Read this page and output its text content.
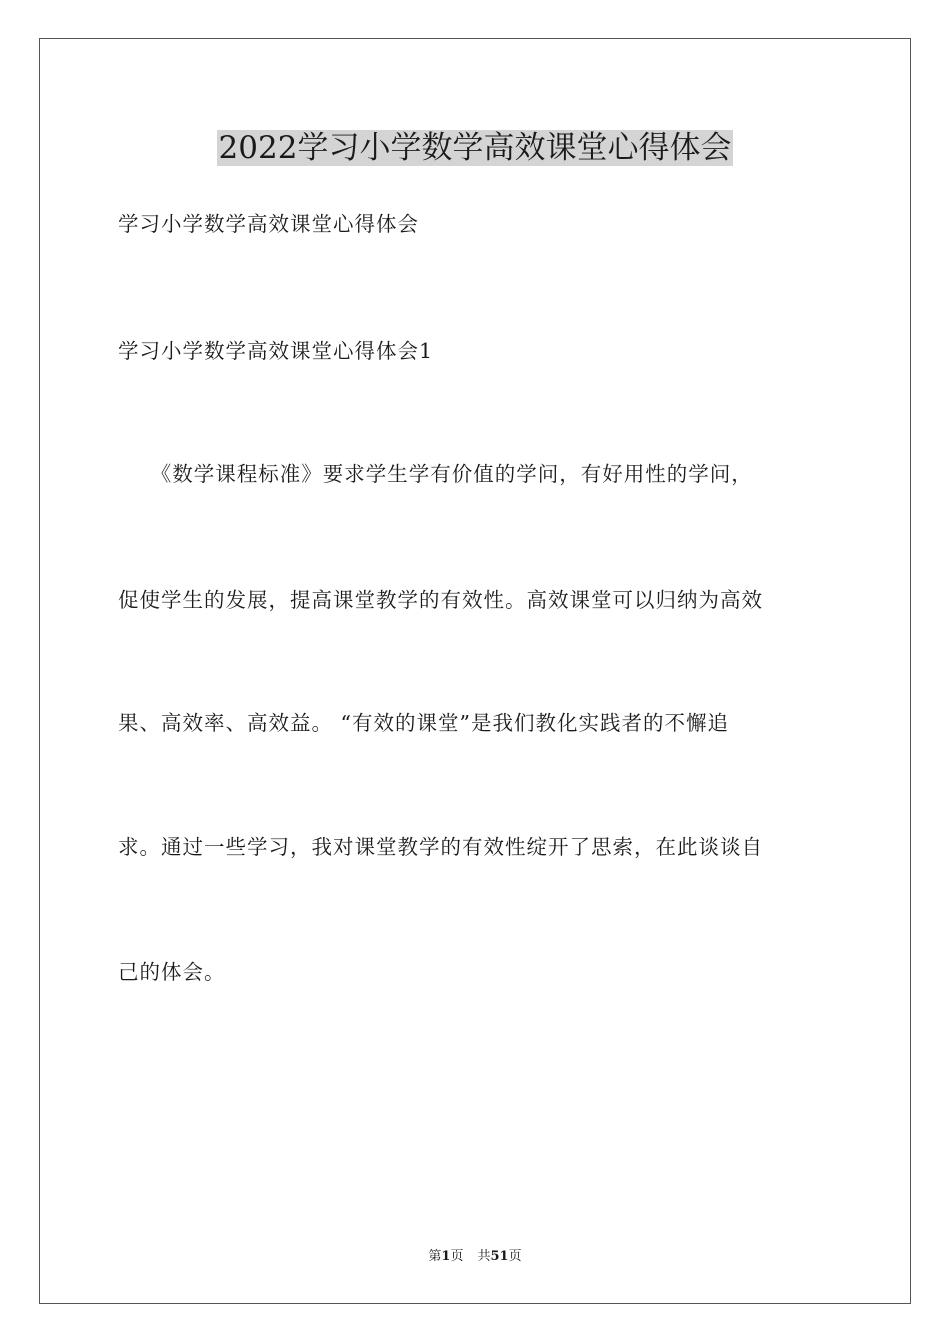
2022学习小学数学高效课堂心得体会
学习小学数学高效课堂心得体会
学习小学数学高效课堂心得体会1
　　《数学课程标准》要求学生学有价值的学问，有好用性的学问，
促使学生的发展，提高课堂教学的有效性。高效课堂可以归纳为高效
果、高效率、高效益。 “有效的课堂”是我们教化实践者的不懈追
求。通过一些学习，我对课堂教学的有效性绽开了思索，在此谈谈自
己的体会。
第1页 共51页
